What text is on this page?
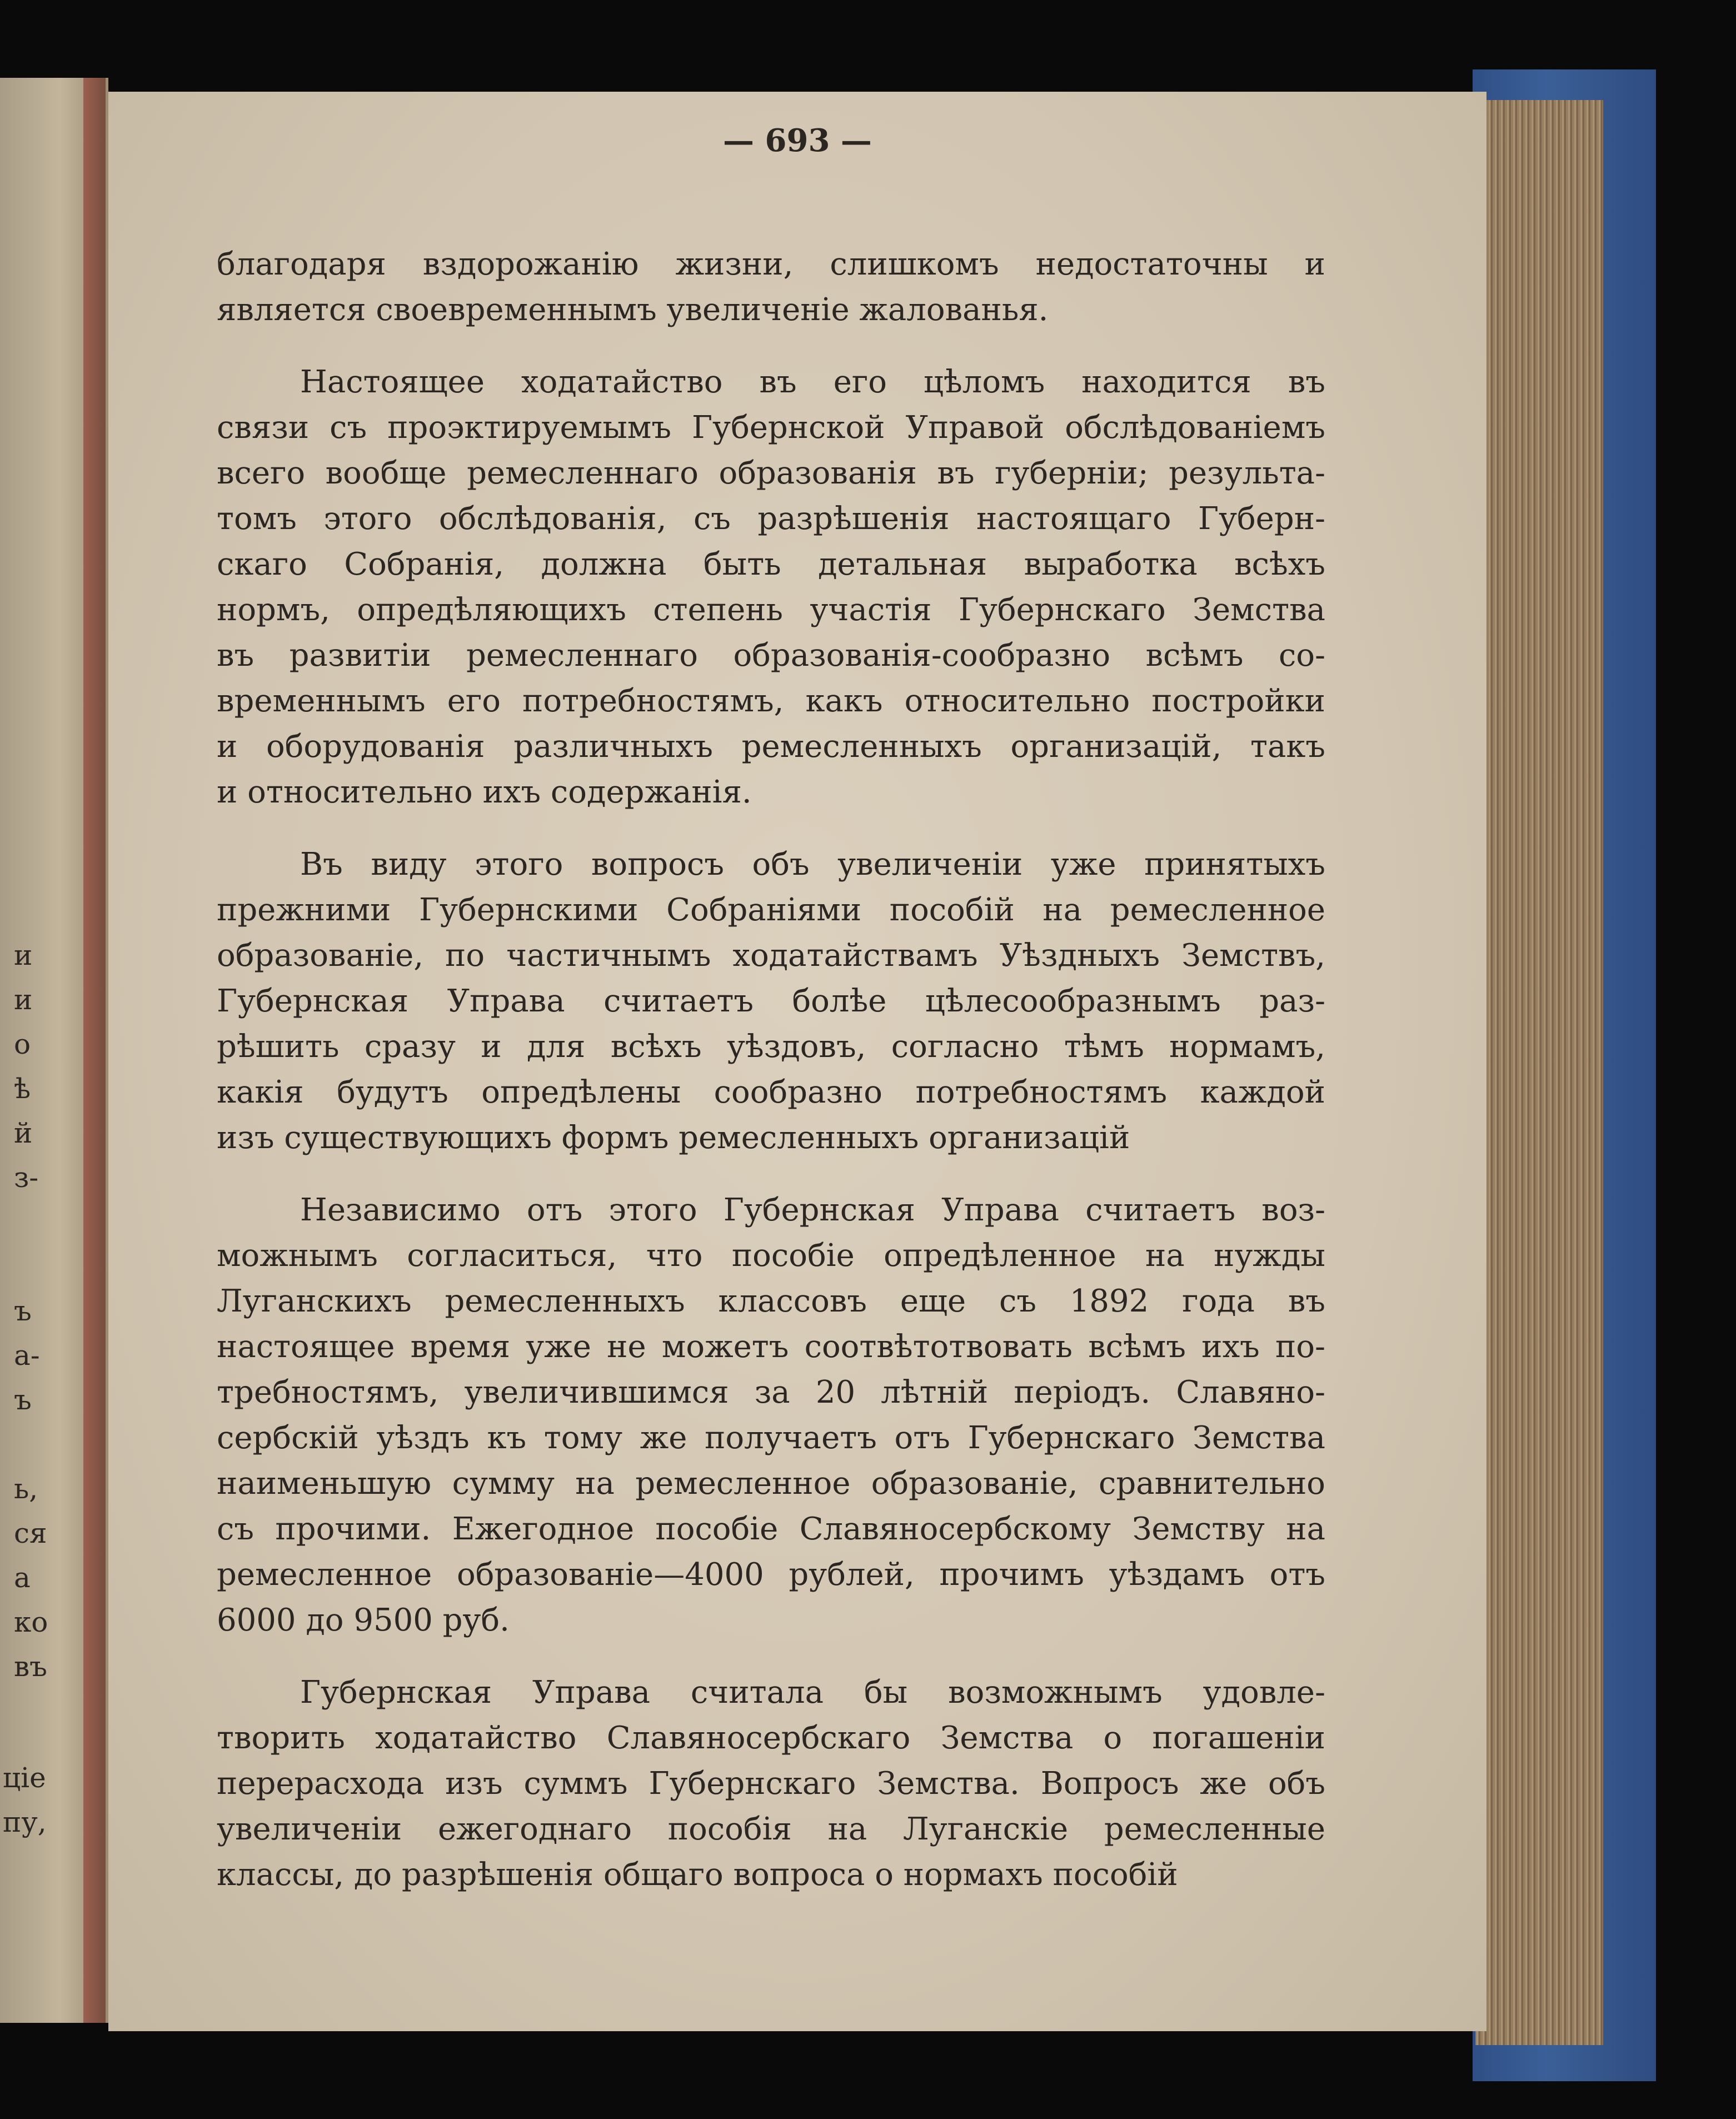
и
и
о
ѣ
й
з-
ъ
а-
ъ
ь,
ся
а
ко
въ
ціе
пу,
— 693 —
благодаря вздорожанію жизни, слишкомъ недостаточны и
является своевременнымъ увеличеніе жалованья.
Настоящее ходатайство въ его цѣломъ находится въ
связи съ проэктируемымъ Губернской Управой обслѣдованіемъ
всего вообще ремесленнаго образованія въ губерніи; результа-
томъ этого обслѣдованія, съ разрѣшенія настоящаго Губерн-
скаго Собранія, должна быть детальная выработка всѣхъ
нормъ, опредѣляющихъ степень участія Губернскаго Земства
въ развитіи ремесленнаго образованія-сообразно всѣмъ со-
временнымъ его потребностямъ, какъ относительно постройки
и оборудованія различныхъ ремесленныхъ организацій, такъ
и относительно ихъ содержанія.
Въ виду этого вопросъ объ увеличеніи уже принятыхъ
прежними Губернскими Собраніями пособій на ремесленное
образованіе, по частичнымъ ходатайствамъ Уѣздныхъ Земствъ,
Губернская Управа считаетъ болѣе цѣлесообразнымъ раз-
рѣшить сразу и для всѣхъ уѣздовъ, согласно тѣмъ нормамъ,
какія будутъ опредѣлены сообразно потребностямъ каждой
изъ существующихъ формъ ремесленныхъ организацій
Независимо отъ этого Губернская Управа считаетъ воз-
можнымъ согласиться, что пособіе опредѣленное на нужды
Луганскихъ ремесленныхъ классовъ еще съ 1892 года въ
настоящее время уже не можетъ соотвѣтотвовать всѣмъ ихъ по-
требностямъ, увеличившимся за 20 лѣтній періодъ. Славяно-
сербскій уѣздъ къ тому же получаетъ отъ Губернскаго Земства
наименьшую сумму на ремесленное образованіе, сравнительно
съ прочими. Ежегодное пособіе Славяносербскому Земству на
ремесленное образованіе—4000 рублей, прочимъ уѣздамъ отъ
6000 до 9500 руб.
Губернская Управа считала бы возможнымъ удовле-
творить ходатайство Славяносербскаго Земства о погашеніи
перерасхода изъ суммъ Губернскаго Земства. Вопросъ же объ
увеличеніи ежегоднаго пособія на Луганскіе ремесленные
классы, до разрѣшенія общаго вопроса о нормахъ пособій
